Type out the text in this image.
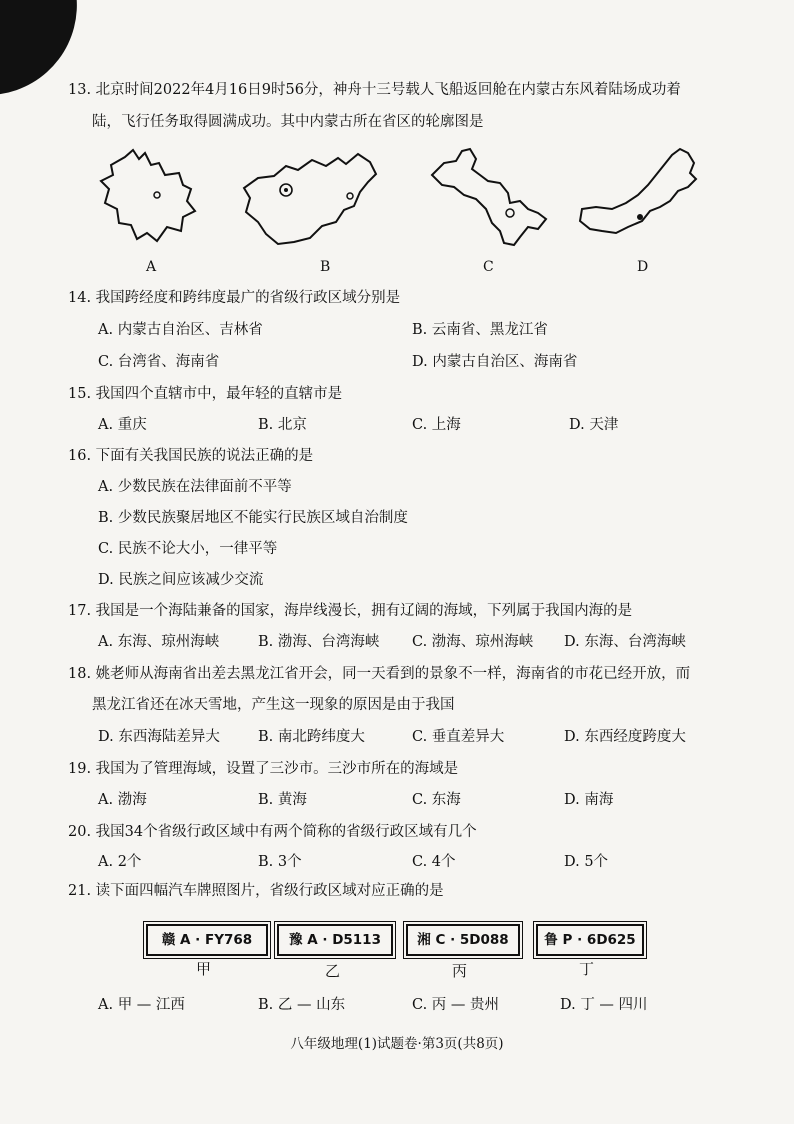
13. 北京时间2022年4月16日9时56分，神舟十三号载人飞船返回舱在内蒙古东风着陆场成功着
陆，飞行任务取得圆满成功。其中内蒙古所在省区的轮廓图是
A	B	C	D
14. 我国跨经度和跨纬度最广的省级行政区域分别是
A. 内蒙古自治区、吉林省	B. 云南省、黑龙江省
C. 台湾省、海南省	D. 内蒙古自治区、海南省
15. 我国四个直辖市中，最年轻的直辖市是
A. 重庆	B. 北京	C. 上海	D. 天津
16. 下面有关我国民族的说法正确的是
A. 少数民族在法律面前不平等
B. 少数民族聚居地区不能实行民族区域自治制度
C. 民族不论大小，一律平等
D. 民族之间应该减少交流
17. 我国是一个海陆兼备的国家，海岸线漫长，拥有辽阔的海域，下列属于我国内海的是
A. 东海、琼州海峡	B. 渤海、台湾海峡 C. 渤海、琼州海峡 D. 东海、台湾海峡
18. 姚老师从海南省出差去黑龙江省开会，同一天看到的景象不一样，海南省的市花已经开放，而
黑龙江省还在冰天雪地，产生这一现象的原因是由于我国
D. 东西海陆差异大	B. 南北跨纬度大	C. 垂直差异大	D. 东西经度跨度大
19. 我国为了管理海域，设置了三沙市。三沙市所在的海域是
A. 渤海	B. 黄海	C. 东海	D. 南海
20. 我国34个省级行政区域中有两个简称的省级行政区域有几个
A. 2个	B. 3个	C. 4个	D. 5个
21. 读下面四幅汽车牌照图片，省级行政区域对应正确的是
赣 A · FY768	豫 A · D5113	湘 C · 5D088	鲁 P · 6D625
甲	乙	丙	丁
A. 甲 — 江西	B. 乙 — 山东	C. 丙 — 贵州	D. 丁 — 四川
八年级地理(1)试题卷·第3页(共8页)
